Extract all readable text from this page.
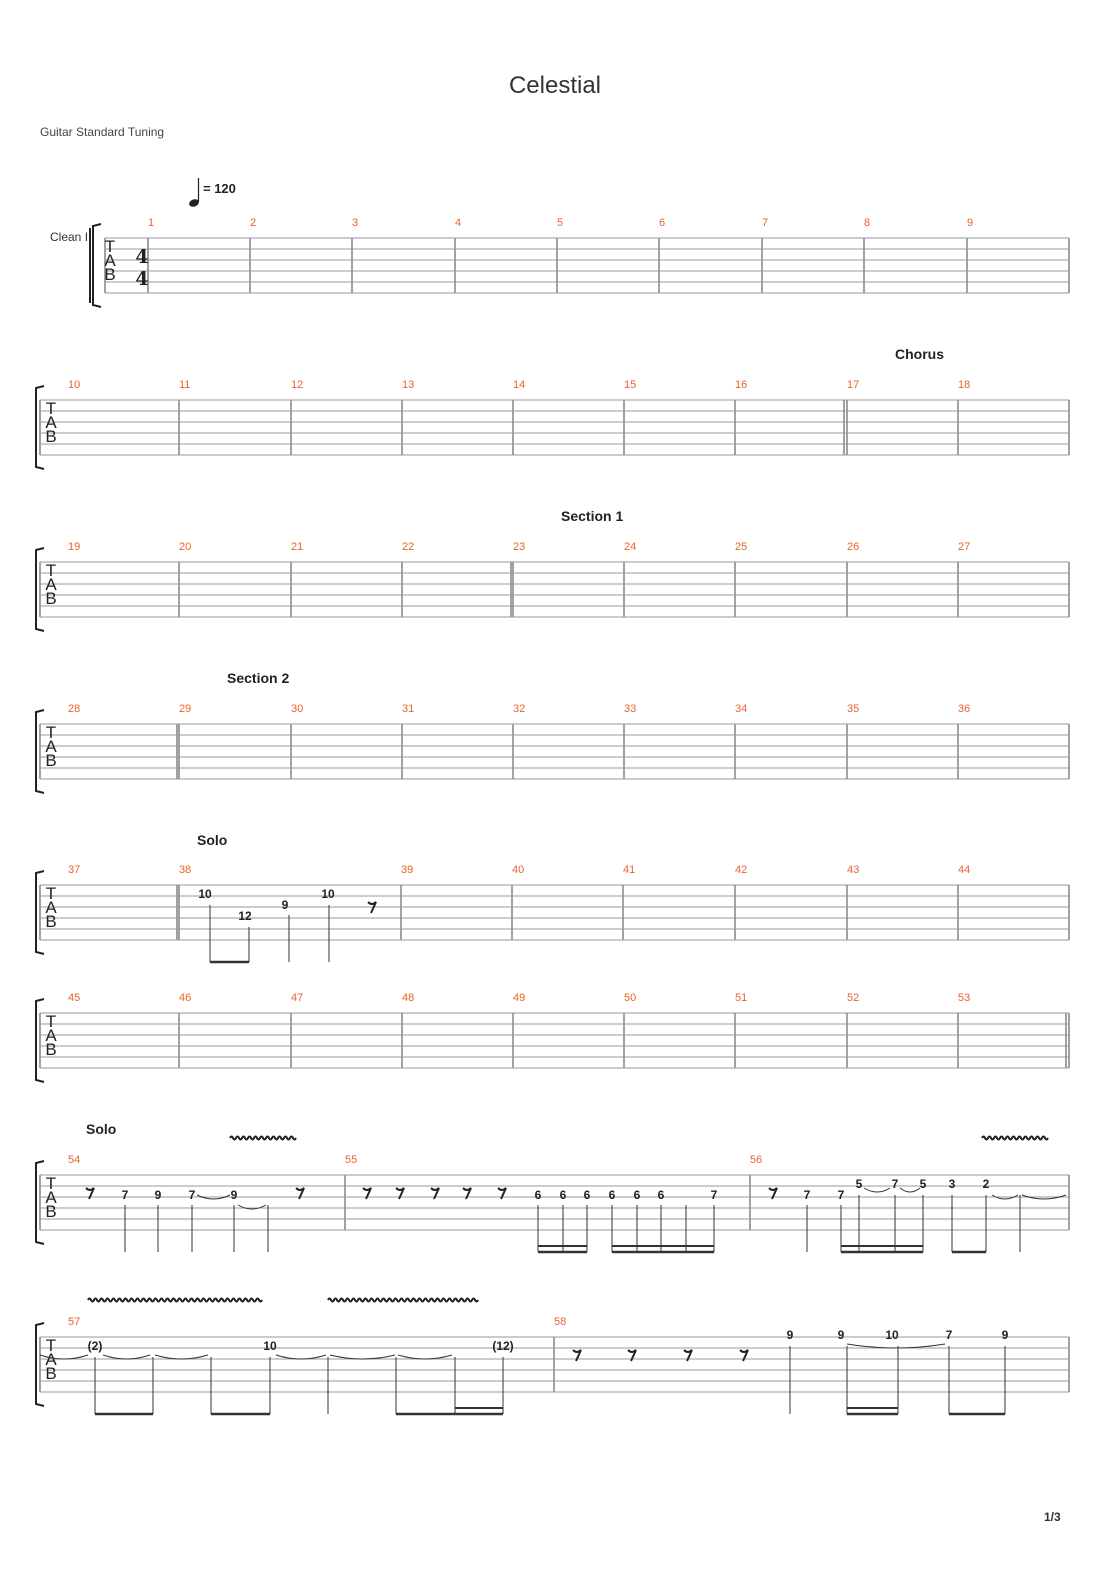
Celestial
Guitar Standard Tuning
1/3
= 120
Clean I
4
4
1	2	3	4	5	6	7	8	9
Chorus
10	11	12	13	14	15	16	17	18
Section 1
19	20	21	22	23	24	25	26	27
Section 2
28	29	30	31	32	33	34	35	36
Solo
37	38	39	40	41	42	43	44
10
12
9
10
45	46	47	48	49	50	51	52	53
Solo
54	55	56
7 9 7	9	6 6 6 6 6 6	7	7 7
5 7 5 3 2
57	58
(2)	10	(12)
9	9	10	7	9
T
A
B
T
A
B
T
A
B
T
A
B
T
A
B
T
A
B
T
A
B
T
A
B
